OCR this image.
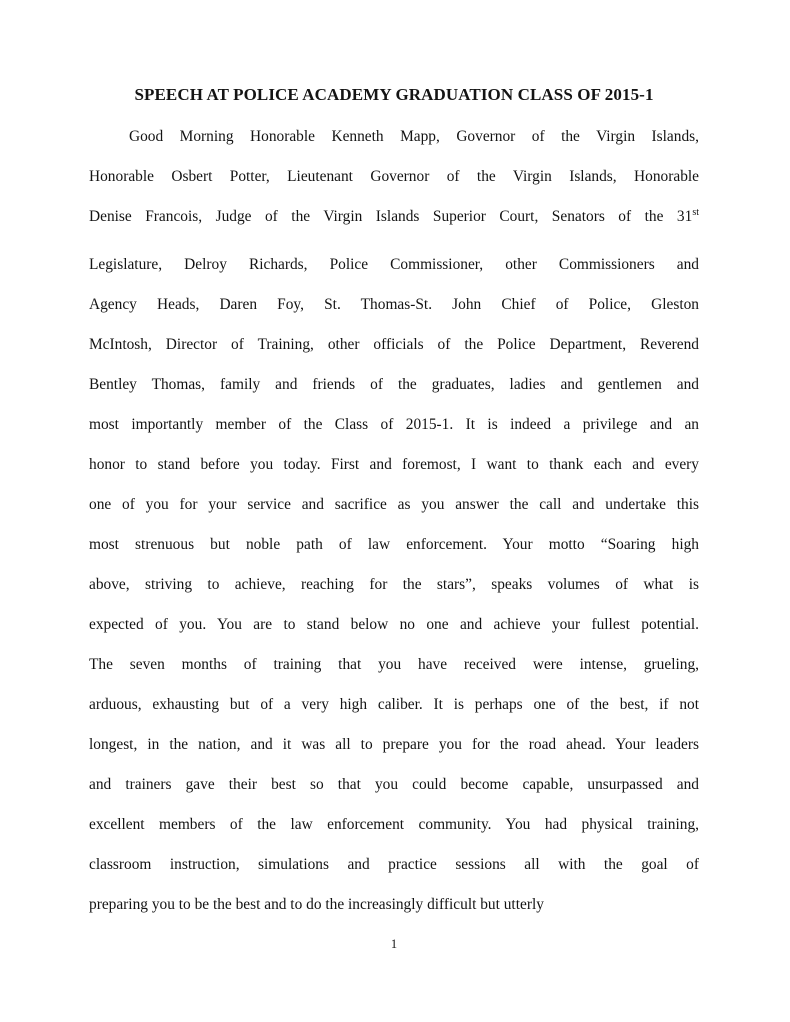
SPEECH AT POLICE ACADEMY GRADUATION CLASS OF 2015-1
Good Morning Honorable Kenneth Mapp, Governor of the Virgin Islands,
Honorable Osbert Potter, Lieutenant Governor of the Virgin Islands, Honorable
Denise Francois, Judge of the Virgin Islands Superior Court, Senators of the 31st
Legislature, Delroy Richards, Police Commissioner, other Commissioners and
Agency Heads, Daren Foy, St. Thomas-St. John Chief of Police, Gleston
McIntosh, Director of Training, other officials of the Police Department, Reverend
Bentley Thomas, family and friends of the graduates, ladies and gentlemen and
most importantly member of the Class of 2015-1. It is indeed a privilege and an
honor to stand before you today. First and foremost, I want to thank each and every
one of you for your service and sacrifice as you answer the call and undertake this
most strenuous but noble path of law enforcement. Your motto “Soaring high
above, striving to achieve, reaching for the stars”, speaks volumes of what is
expected of you. You are to stand below no one and achieve your fullest potential.
The seven months of training that you have received were intense, grueling,
arduous, exhausting but of a very high caliber. It is perhaps one of the best, if not
longest, in the nation, and it was all to prepare you for the road ahead. Your leaders
and trainers gave their best so that you could become capable, unsurpassed and
excellent members of the law enforcement community. You had physical training,
classroom instruction, simulations and practice sessions all with the goal of
preparing you to be the best and to do the increasingly difficult but utterly
1
